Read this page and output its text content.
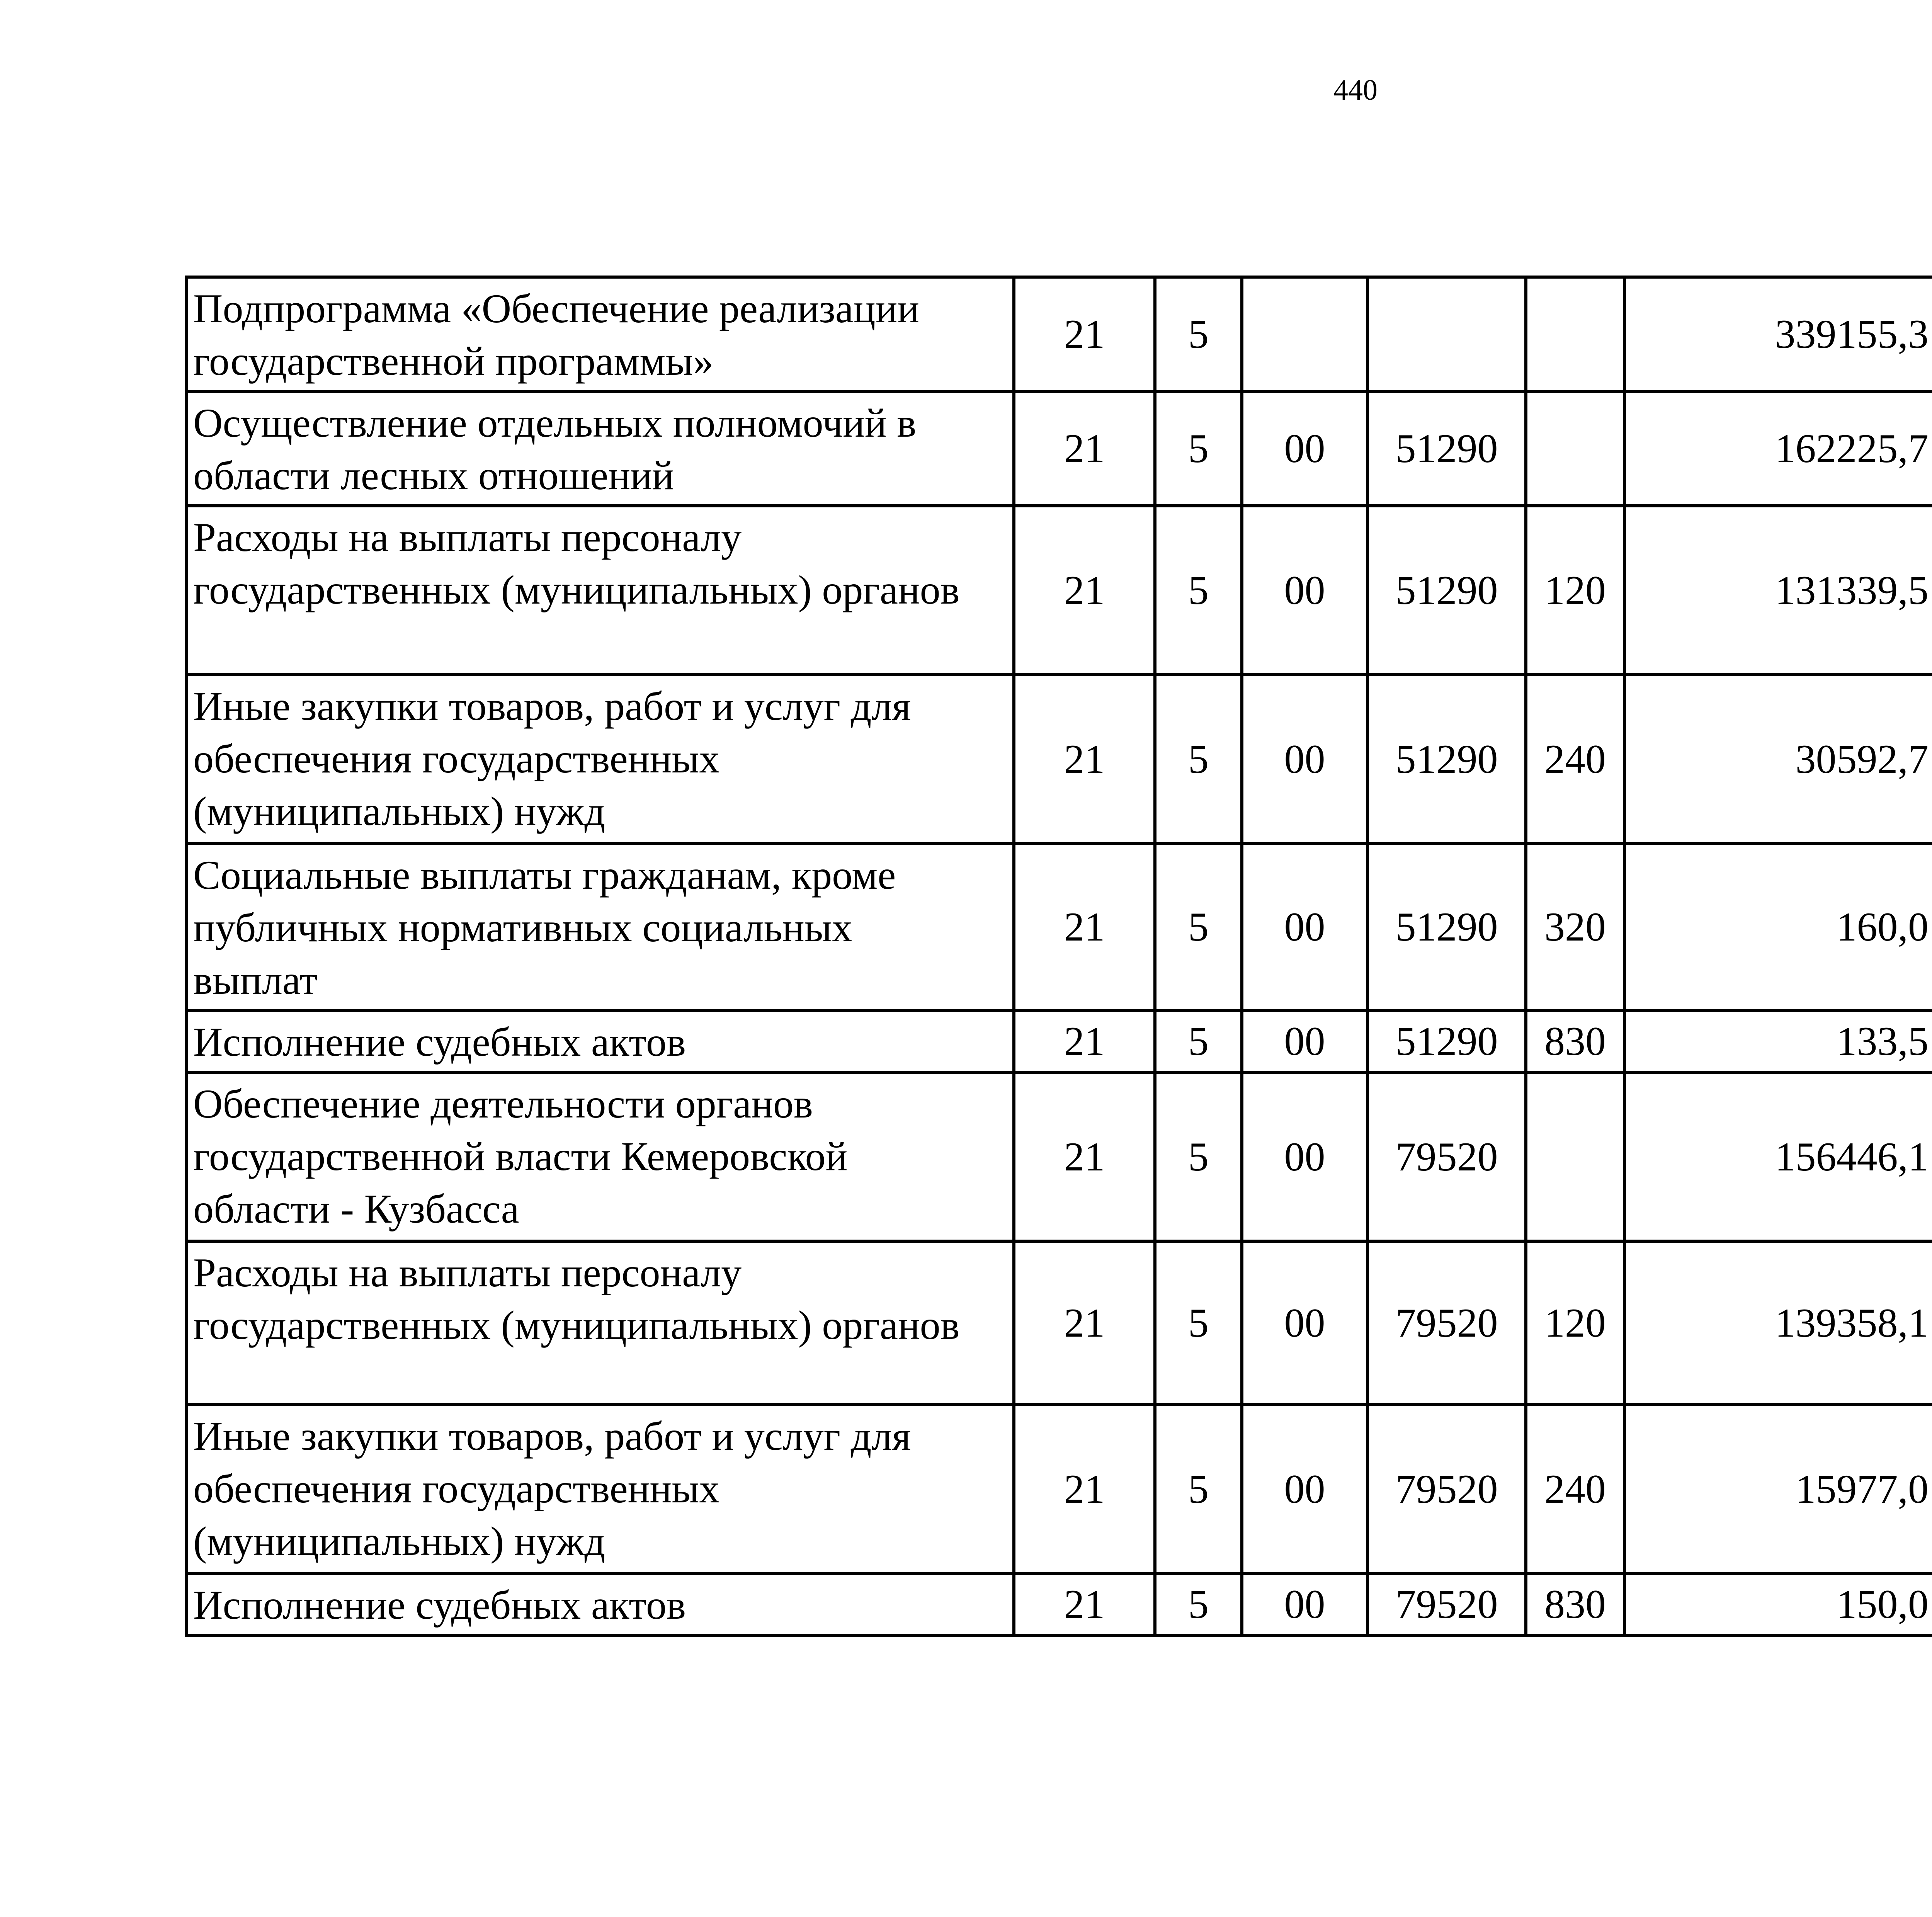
440
Подпрограмма «Обеспечение реализации
государственной программы»	21	5				339155,3		
Осуществление отдельных полномочий в
области лесных отношений	21	5	00	51290		162225,7		
Расходы на выплаты персоналу
государственных (муниципальных) органов	21	5	00	51290	120	131339,5		
Иные закупки товаров, работ и услуг для
обеспечения государственных
(муниципальных) нужд	21	5	00	51290	240	30592,7		
Социальные выплаты гражданам, кроме
публичных нормативных социальных
выплат	21	5	00	51290	320	160,0		
Исполнение судебных актов	21	5	00	51290	830	133,5		
Обеспечение деятельности органов
государственной власти Кемеровской
области - Кузбасса	21	5	00	79520		156446,1		
Расходы на выплаты персоналу
государственных (муниципальных) органов	21	5	00	79520	120	139358,1		
Иные закупки товаров, работ и услуг для
обеспечения государственных
(муниципальных) нужд	21	5	00	79520	240	15977,0		
Исполнение судебных актов	21	5	00	79520	830	150,0		
